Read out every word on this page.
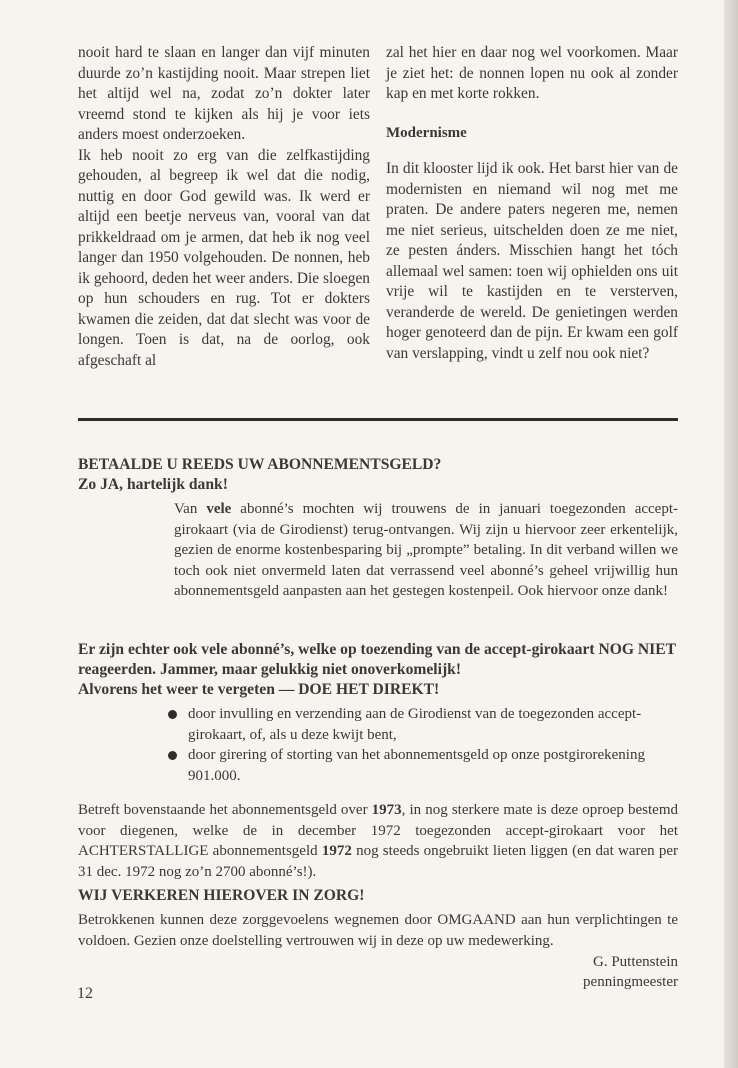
nooit hard te slaan en langer dan vijf minuten duurde zo’n kastijding nooit. Maar strepen liet het altijd wel na, zodat zo’n dokter later vreemd stond te kijken als hij je voor iets anders moest onderzoeken.

Ik heb nooit zo erg van die zelfkastijding gehouden, al begreep ik wel dat die nodig, nuttig en door God gewild was. Ik werd er altijd een beetje nerveus van, vooral van dat prikkeldraad om je armen, dat heb ik nog veel langer dan 1950 volgehouden. De nonnen, heb ik gehoord, deden het weer anders. Die sloegen op hun schouders en rug. Tot er dokters kwamen die zeiden, dat dat slecht was voor de longen. Toen is dat, na de oorlog, ook afgeschaft al

zal het hier en daar nog wel voorkomen. Maar je ziet het: de nonnen lopen nu ook al zonder kap en met korte rokken.

Modernisme

In dit klooster lijd ik ook. Het barst hier van de modernisten en niemand wil nog met me praten. De andere paters negeren me, nemen me niet serieus, uitschelden doen ze me niet, ze pesten ánders. Misschien hangt het tóch allemaal wel samen: toen wij ophielden ons uit vrije wil te kastijden en te versterven, veranderde de wereld. De genietingen werden hoger genoteerd dan de pijn. Er kwam een golf van verslapping, vindt u zelf nou ook niet?

BETAALDE U REEDS UW ABONNEMENTSGELD?

Zo JA, hartelijk dank!

Van vele abonné’s mochten wij trouwens de in januari toegezonden accept-girokaart (via de Girodienst) terug-ontvangen. Wij zijn u hiervoor zeer erkentelijk, gezien de enorme kostenbesparing bij „prompte” betaling. In dit verband willen we toch ook niet onvermeld laten dat verrassend veel abonné’s geheel vrijwillig hun abonnementsgeld aanpasten aan het gestegen kostenpeil. Ook hiervoor onze dank!

Er zijn echter ook vele abonné’s, welke op toezending van de accept-girokaart NOG NIET reageerden. Jammer, maar gelukkig niet onoverkomelijk!

Alvorens het weer te vergeten — DOE HET DIREKT!

door invulling en verzending aan de Girodienst van de toegezonden accept-girokaart, of, als u deze kwijt bent,
door girering of storting van het abonnementsgeld op onze postgirorekening 901.000.

Betreft bovenstaande het abonnementsgeld over 1973, in nog sterkere mate is deze oproep bestemd voor diegenen, welke de in december 1972 toegezonden accept-girokaart voor het ACHTERSTALLIGE abonnementsgeld 1972 nog steeds ongebruikt lieten liggen (en dat waren per 31 dec. 1972 nog zo’n 2700 abonné’s!).

WIJ VERKEREN HIEROVER IN ZORG!

Betrokkenen kunnen deze zorggevoelens wegnemen door OMGAAND aan hun verplichtingen te voldoen. Gezien onze doelstelling vertrouwen wij in deze op uw medewerking.

G. Puttenstein
penningmeester
12
